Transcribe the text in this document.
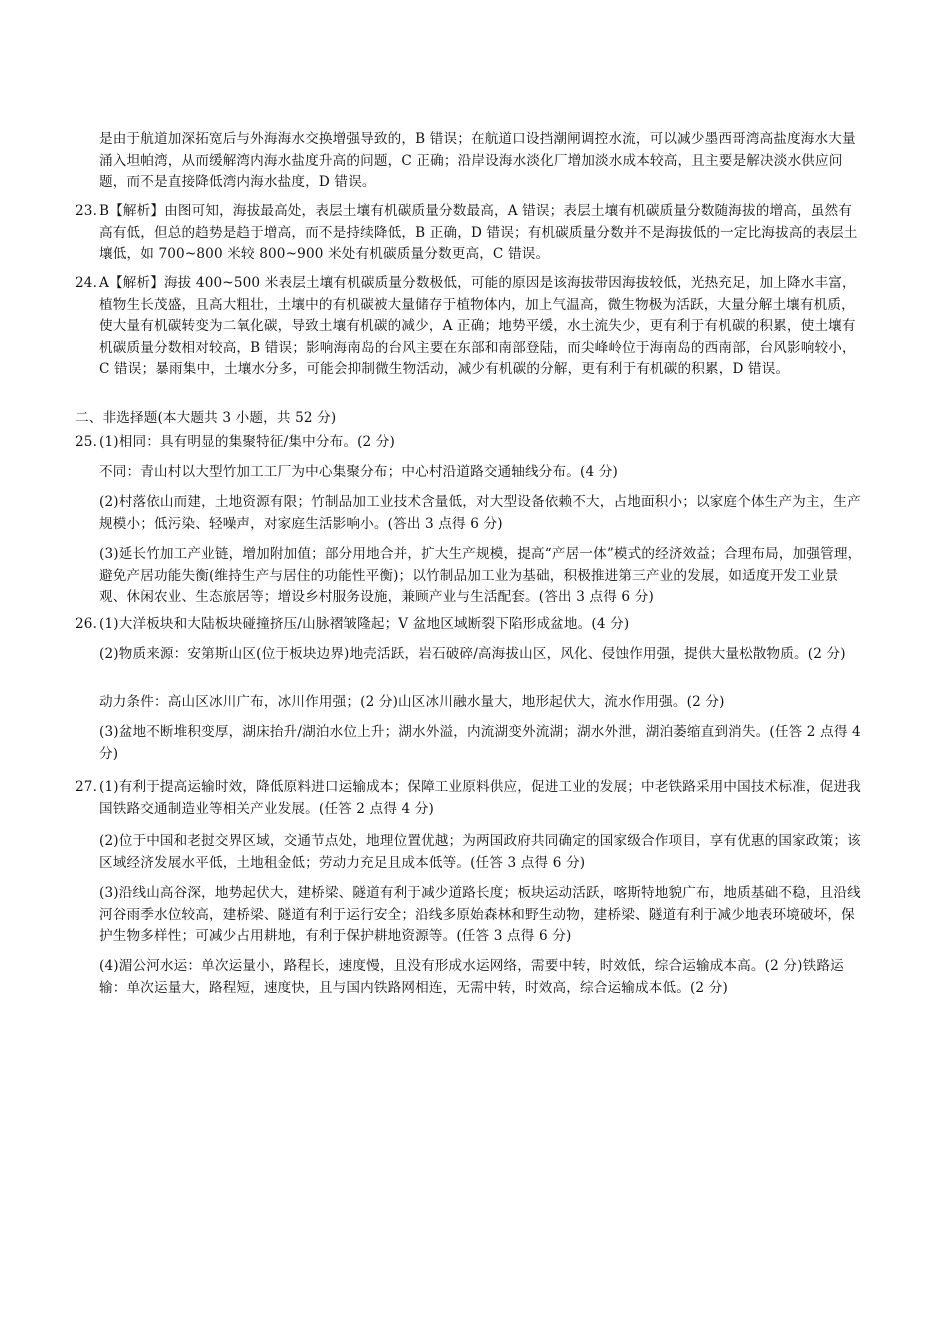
是由于航道加深拓宽后与外海海水交换增强导致的，B 错误；在航道口设挡潮闸调控水流，可以减少墨西哥湾高盐度海水大量涌入坦帕湾，从而缓解湾内海水盐度升高的问题，C 正确；沿岸设海水淡化厂增加淡水成本较高，且主要是解决淡水供应问题，而不是直接降低湾内海水盐度，D 错误。
23. B【解析】由图可知，海拔最高处，表层土壤有机碳质量分数最高，A 错误；表层土壤有机碳质量分数随海拔的增高，虽然有高有低，但总的趋势是趋于增高，而不是持续降低，B 正确，D 错误；有机碳质量分数并不是海拔低的一定比海拔高的表层土壤低，如 700~800 米较 800~900 米处有机碳质量分数更高，C 错误。
24. A【解析】海拔 400~500 米表层土壤有机碳质量分数极低，可能的原因是该海拔带因海拔较低，光热充足，加上降水丰富，植物生长茂盛，且高大粗壮，土壤中的有机碳被大量储存于植物体内，加上气温高，微生物极为活跃，大量分解土壤有机质，使大量有机碳转变为二氧化碳，导致土壤有机碳的减少，A 正确；地势平缓，水土流失少，更有利于有机碳的积累，使土壤有机碳质量分数相对较高，B 错误；影响海南岛的台风主要在东部和南部登陆，而尖峰岭位于海南岛的西南部，台风影响较小，C 错误；暴雨集中，土壤水分多，可能会抑制微生物活动，减少有机碳的分解，更有利于有机碳的积累，D 错误。
二、非选择题(本大题共 3 小题，共 52 分)
25. (1)相同：具有明显的集聚特征/集中分布。(2 分)
不同：青山村以大型竹加工工厂为中心集聚分布；中心村沿道路交通轴线分布。(4 分)
(2)村落依山而建，土地资源有限；竹制品加工业技术含量低，对大型设备依赖不大，占地面积小；以家庭个体生产为主，生产规模小；低污染、轻噪声，对家庭生活影响小。(答出 3 点得 6 分)
(3)延长竹加工产业链，增加附加值；部分用地合并，扩大生产规模，提高“产居一体”模式的经济效益；合理布局，加强管理，避免产居功能失衡(维持生产与居住的功能性平衡)；以竹制品加工业为基础，积极推进第三产业的发展，如适度开发工业景观、休闲农业、生态旅居等；增设乡村服务设施，兼顾产业与生活配套。(答出 3 点得 6 分)
26. (1)大洋板块和大陆板块碰撞挤压/山脉褶皱隆起；V 盆地区域断裂下陷形成盆地。(4 分)
(2)物质来源：安第斯山区(位于板块边界)地壳活跃，岩石破碎/高海拔山区，风化、侵蚀作用强，提供大量松散物质。(2 分)
动力条件：高山区冰川广布，冰川作用强；(2 分)山区冰川融水量大，地形起伏大，流水作用强。(2 分)
(3)盆地不断堆积变厚，湖床抬升/湖泊水位上升；湖水外溢，内流湖变外流湖；湖水外泄，湖泊萎缩直到消失。(任答 2 点得 4 分)
27. (1)有利于提高运输时效，降低原料进口运输成本；保障工业原料供应，促进工业的发展；中老铁路采用中国技术标准，促进我国铁路交通制造业等相关产业发展。(任答 2 点得 4 分)
(2)位于中国和老挝交界区域，交通节点处，地理位置优越；为两国政府共同确定的国家级合作项目，享有优惠的国家政策；该区域经济发展水平低，土地租金低；劳动力充足且成本低等。(任答 3 点得 6 分)
(3)沿线山高谷深，地势起伏大，建桥梁、隧道有利于减少道路长度；板块运动活跃，喀斯特地貌广布，地质基础不稳，且沿线河谷雨季水位较高，建桥梁、隧道有利于运行安全；沿线多原始森林和野生动物，建桥梁、隧道有利于减少地表环境破坏，保护生物多样性；可减少占用耕地，有利于保护耕地资源等。(任答 3 点得 6 分)
(4)湄公河水运：单次运量小，路程长，速度慢，且没有形成水运网络，需要中转，时效低，综合运输成本高。(2 分)铁路运输：单次运量大，路程短，速度快，且与国内铁路网相连，无需中转，时效高，综合运输成本低。(2 分)
